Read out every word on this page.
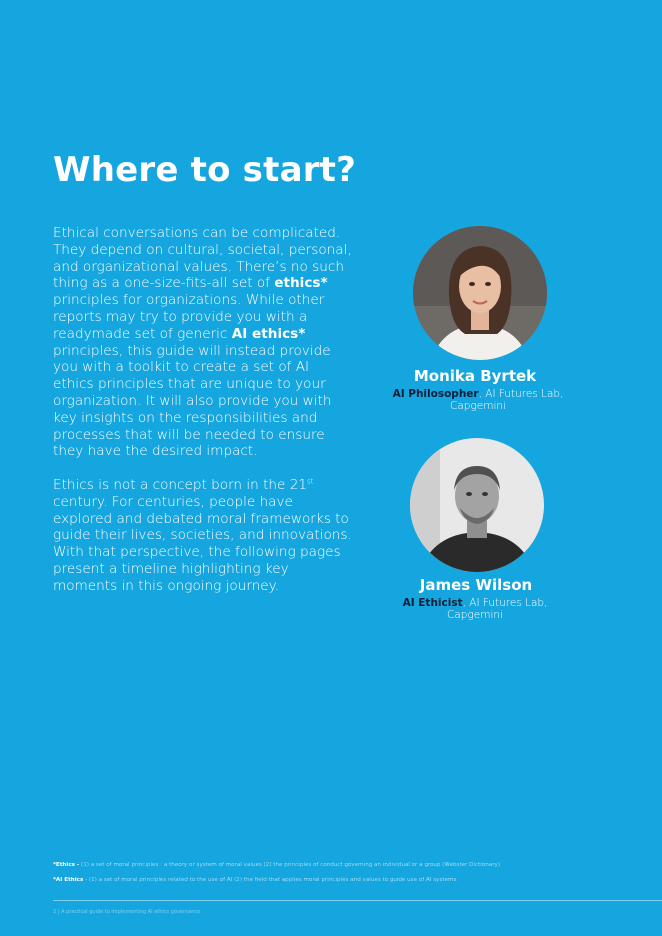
Where to start?

Ethical conversations can be complicated. They depend on cultural, societal, personal, and organizational values. There’s no such thing as a one-size-fits-all set of ethics* principles for organizations. While other reports may try to provide you with a readymade set of generic AI ethics* principles, this guide will instead provide you with a toolkit to create a set of AI ethics principles that are unique to your organization. It will also provide you with key insights on the responsibilities and processes that will be needed to ensure they have the desired impact.

Ethics is not a concept born in the 21st century. For centuries, people have explored and debated moral frameworks to guide their lives, societies, and innovations. With that perspective, the following pages present a timeline highlighting key moments in this ongoing journey.

Monika Byrtek

AI Philosopher, AI Futures Lab,
Capgemini

James Wilson

AI Ethicist, AI Futures Lab,
Capgemini

*Ethics - (1) a set of moral principles : a theory or system of moral values (2) the principles of conduct governing an individual or a group (Webster Dictionary)

*AI Ethics - (1) a set of moral principles related to the use of AI (2) the field that applies moral principles and values to guide use of AI systems.

2 | A practical guide to implementing AI ethics governance
